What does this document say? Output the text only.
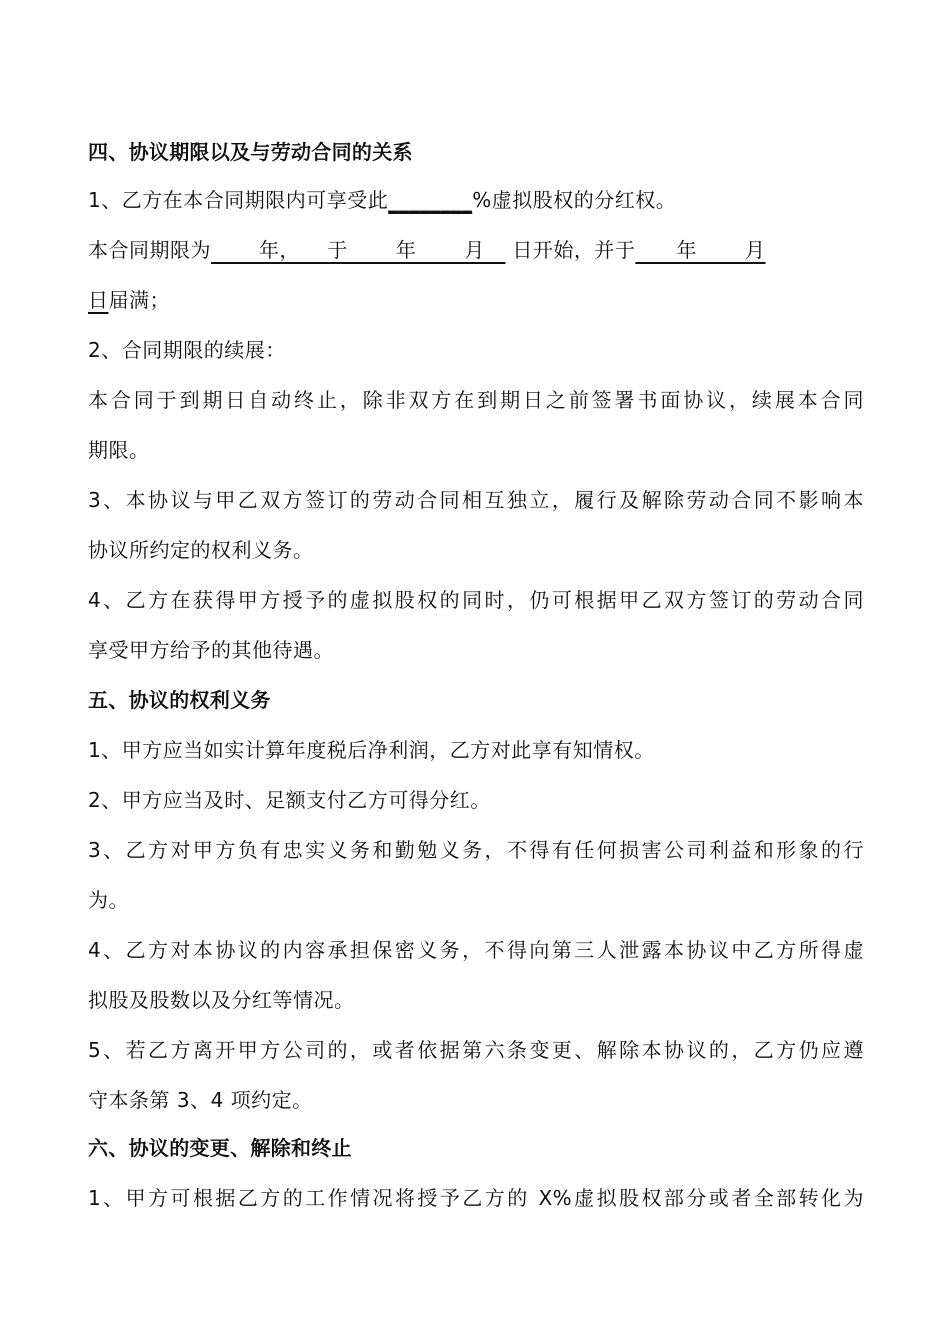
四、协议期限以及与劳动合同的关系
1、乙方在本合同期限内可享受此________%虚拟股权的分红权。
本合同期限为       年，    于       年       月    日开始，并于      年       月
日届满；
2、合同期限的续展：
本合同于到期日自动终止，除非双方在到期日之前签署书面协议，续展本合同
期限。
3、本协议与甲乙双方签订的劳动合同相互独立，履行及解除劳动合同不影响本
协议所约定的权利义务。
4、乙方在获得甲方授予的虚拟股权的同时，仍可根据甲乙双方签订的劳动合同
享受甲方给予的其他待遇。
五、协议的权利义务
1、甲方应当如实计算年度税后净利润，乙方对此享有知情权。
2、甲方应当及时、足额支付乙方可得分红。
3、乙方对甲方负有忠实义务和勤勉义务，不得有任何损害公司利益和形象的行
为。
4、乙方对本协议的内容承担保密义务，不得向第三人泄露本协议中乙方所得虚
拟股及股数以及分红等情况。
5、若乙方离开甲方公司的，或者依据第六条变更、解除本协议的，乙方仍应遵
守本条第 3、4 项约定。
六、协议的变更、解除和终止
1、甲方可根据乙方的工作情况将授予乙方的 X%虚拟股权部分或者全部转化为
